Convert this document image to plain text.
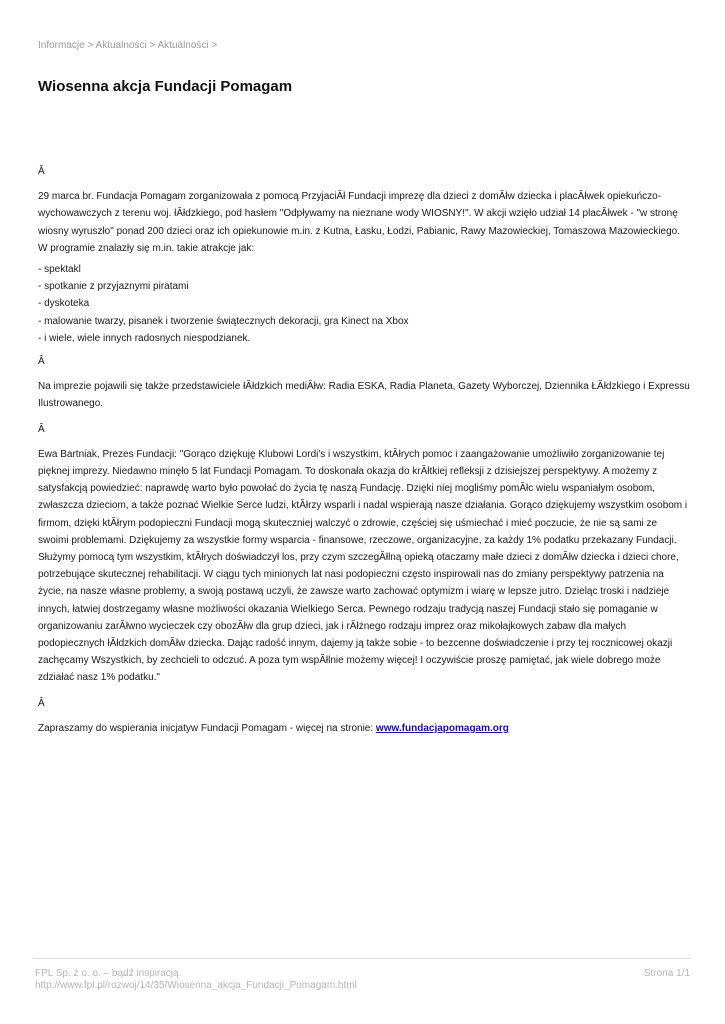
Informacje > Aktualności > Aktualności >
Wiosenna akcja Fundacji Pomagam

Â

29 marca br. Fundacja Pomagam zorganizowała z pomocą PrzyjaciĂł Fundacji imprezę dla dzieci z domĂłw dziecka i placĂłwek opiekuńczo-wychowawczych z terenu woj. łĂłdzkiego, pod hasłem "Odpływamy na nieznane wody WIOSNY!". W akcji wzięło udział 14 placĂłwek - "w stronę wiosny wyruszło" ponad 200 dzieci oraz ich opiekunowie m.in. z Kutna, Łasku, Łodzi, Pabianic, Rawy Mazowieckiej, Tomaszowa Mazowieckiego. W programie znalazły się m.in. takie atrakcje jak:

- spektakl
- spotkanie z przyjaznymi piratami
- dyskoteka
- malowanie twarzy, pisanek i tworzenie świątecznych dekoracji, gra Kinect na Xbox
- i wiele, wiele innych radosnych niespodzianek.

Â

Na imprezie pojawili się także przedstawiciele łĂłdzkich mediĂłw: Radia ESKA, Radia Planeta, Gazety Wyborczej, Dziennika ŁĂłdzkiego i Expressu Ilustrowanego.

Â

Ewa Bartniak, Prezes Fundacji: "Gorąco dziękuję Klubowi Lordi's i wszystkim, ktĂłrych pomoc i zaangażowanie umożliwiło zorganizowanie tej pięknej imprezy. Niedawno minęło 5 lat Fundacji Pomagam. To doskonała okazja do krĂłtkiej refleksji z dzisiejszej perspektywy. A możemy z satysfakcją powiedzieć: naprawdę warto było powołać do życia tę naszą Fundację. Dzięki niej mogliśmy pomĂłc wielu wspaniałym osobom, zwłaszcza dzieciom, a także poznać Wielkie Serce ludzi, ktĂłrzy wsparli i nadal wspierają nasze działania. Gorąco dziękujemy wszystkim osobom i firmom, dzięki ktĂłrym podopieczni Fundacji mogą skuteczniej walczyć o zdrowie, częściej się uśmiechać i mieć poczucie, że nie są sami ze swoimi problemami. Dziękujemy za wszystkie formy wsparcia - finansowe, rzeczowe, organizacyjne, za każdy 1% podatku przekazany Fundacji. Służymy pomocą tym wszystkim, ktĂłrych doświadczył los, przy czym szczegĂłlną opieką otaczamy małe dzieci z domĂłw dziecka i dzieci chore, potrzebujące skutecznej rehabilitacji. W ciągu tych minionych lat nasi podopieczni często inspirowali nas do zmiany perspektywy patrzenia na życie, na nasze własne problemy, a swoją postawą uczyli, że zawsze warto zachować optymizm i wiarę w lepsze jutro. Dzieląc troski i nadzieje innych, łatwiej dostrzegamy własne możliwości okazania Wielkiego Serca. Pewnego rodzaju tradycją naszej Fundacji stało się pomaganie w organizowaniu zarĂłwno wycieczek czy obozĂłw dla grup dzieci, jak i rĂłżnego rodzaju imprez oraz mikołajkowych zabaw dla małych podopiecznych łĂłdzkich domĂłw dziecka. Dając radość innym, dajemy ją także sobie - to bezcenne doświadczenie i przy tej rocznicowej okazji zachęcamy Wszystkich, by zechcieli to odczuć. A poza tym wspĂłlnie możemy więcej! I oczywiście proszę pamiętać, jak wiele dobrego może zdziałać nasz 1% podatku."

Â

Zapraszamy do wspierania inicjatyw Fundacji Pomagam - więcej na stronie: www.fundacjapomagam.org

FPL Sp. z o. o. – bądź inspiracją.
http://www.fpl.pl/rozwoj/14/35/Wiosenna_akcja_Fundacji_Pomagam.html
Strona 1/1
